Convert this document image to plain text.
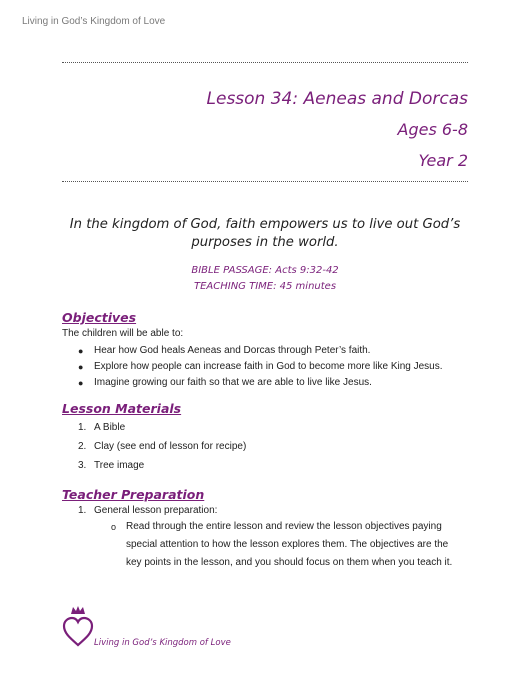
Living in God’s Kingdom of Love
Lesson 34: Aeneas and Dorcas
Ages 6-8
Year 2
In the kingdom of God, faith empowers us to live out God’s purposes in the world.
BIBLE PASSAGE: Acts 9:32-42
TEACHING TIME: 45 minutes
Objectives
The children will be able to:
● Hear how God heals Aeneas and Dorcas through Peter’s faith.
● Explore how people can increase faith in God to become more like King Jesus.
● Imagine growing our faith so that we are able to live like Jesus.
Lesson Materials
1. A Bible
2. Clay (see end of lesson for recipe)
3. Tree image
Teacher Preparation
1. General lesson preparation:
o Read through the entire lesson and review the lesson objectives paying special attention to how the lesson explores them. The objectives are the key points in the lesson, and you should focus on them when you teach it.
Living in God’s Kingdom of Love
